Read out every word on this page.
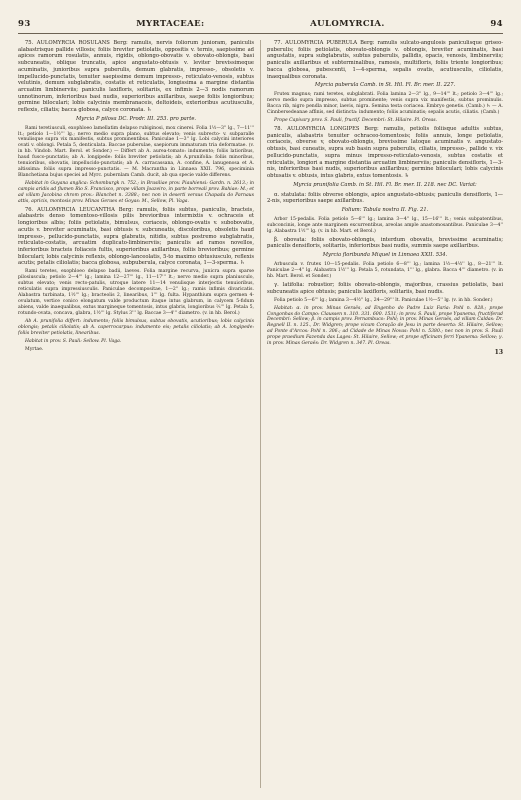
93	MYRTACEAE:	AULOMYRCIA.	94

75. AULOMYRCIA ROSULANS Berg: ramulis, nervis foliorum junioram, paniculis alabastrisque pallide villosis; foliis breviter petiolatis, oppositis v. ternis, saepissime ad apices ramorum rosulatis, annuis, rigidis, oblongo-obovatis v. obovato-oblongis, basi subcuneatis, oblique truncatis, apice angustato-obtusis v. leviter brevissimeque acuminatis, junioribus supra puberulis, demum glabratis, impresso-, obsoletis v. impellucido-punctatis, tenuiter saepissime demum impresso-, reticulato-venosis, subtus velutinis, demum subglabratis, costatis et reticulatis, longissima a margine distantia arcuatim limbinerviis; paniculis laxifloris, solitariis, ex infimis 2—3 nodis ramorum unnotinorum, inferioribus basi nudis, superioribus axillaribus, saepe foliis longioribus; germine biloculari; lobis calycinis membranaceis, deltoideis, exterioribus acutiusculis, reflexis, ciliatis; bacca globosa, calyce coronata. ♄

Myrcia P pilosa DC. Prodr. III. 253. pro parte.

Rami teretiusculi, exophloeo lamellatim delapso rubiginosi, mox cinerei. Folia 1½—3'' lg., 7—11''' lt.; petiolo 1—1½''' lg.; nervo medio supra plano, subtus elevato; venis subrecto- v. subparalle venulisque supra vix manifestis, subtus prominentibus. Paniculae 1—3'' lg. Lobi calycini interiores ovati v. oblongi. Petala 5, denticulata. Baccae puberulae, saepiorum immaturam tria deformatae. (v. in hb. Vindob. Mart. Berol. et Sonder.) — Differt ab A. aurea-tomato: indumento; foliis latioribus, haud fusco-punctatis; ab A. longipede: foliis breviter petiolatis; ab A.prunifolia: foliis minoribus, tenuioribus, obovatis, impellucido-punctatis; ab A. carracassana, A. confine, A. lanugenosa et A. altissima: foliis supra impresso-punctatis. — M. Macrantha in Linnaea XXII. 796, speciminia Blanchetiana bujus speciei ad Myrc. pubernlam Camb. ducit, ab qua specie valde differens.

Habitat in Guyana anglica: Schomburgk n. 752.; in Brasiliae prov. Piauhiensi: Gardn. n. 2613.; in campis aridis ad flumen Rio S. Francisco, prope villam Joazeiro, in parte borreali prov. Bahiae: M.; et ad villam Jacobina chrom prov.: Blanchet n. 3388.; nec non in deserti versus Chapada do Parnaus attis, apricis, montosis prov. Minas Geraes et Goyas: M., Sellow, Pl. Vaga.

76. AULOMYRCIA LEUCANTHA Berg: ramulis, foliis subtus, paniculis, bracteis, alabastris denso tomentoso-villosis pilis brevioribus intermixtis v. ochraceis et longioribus albis; foliis petiolatis, bimulsus, coriaceis, oblongo-ovatis v. subobovatis, acutis v. breviter acuminatis, basi obtusis v. subcuneatis, discoloribus, obsoletis haud impresso-, pellucido-punctatis, supra glabratis, nitidis, subtus postremo subglabratis, reticulato-costatis, arcuatim duplicato-limbinerviis; paniculis ad ramos novellos, inferioribus bracteis foliaceis fultis, superioribus axillaribus, foliis brevioribus; germine biloculari; lobis calycinis reflexis, oblongo-lanceolatis, 5-to maximo obtusiusculo, reflexis acutis; petalis ciliolatis; bacca globosa, subpuberula, calyce coronata, 1—3-sperma. ♄

Rami teretes, exophloeo delapso badii, laeves. Folia margine recurva, junicra supra sparse pilosiuscula; petiolo 2—4''' lg.; lamina 12—27''' lg., 11—17''' lt.; nervo medio supra planiusculo, subtus elevato; venis recto-patulis, utroque latere 11—14 venulisque interjectis tenuioribus, reticulatis supra impressiusculis. Paniculae decompositae, 1—2'' lg.; ramis infimis divaricatis. Alabastra turbinata, 1½''' lg.; bracteolis 2, linearibus, 1''' lg. fulta. Hypanthium supra germen 4-ovulatum, vertice conico elongatum valde productum itaque intus glabrum, in calycem 5-fidum abiens, valde inaequalibus, extus margineque tomentosis, intus glabris, longioribus ⅔''' lg. Petala 5, rotundo-ovata, concava, glabra, 1½''' lg. Stylus 3''' lg. Baccae 3—4''' diametro. (v. in hb. Berol.)

Ab A. prunifolia differt: indumento; foliis bimulsus, subtus obovatis, acutioribus; lobis calycinis oblongis; petalis ciliolatis; ab A. caperrocarpus: indumento eis; petalis ciliolatis; ab A. longipede: foliis breviter petiolatis, linearibus.

Habitat in prov. S. Pauli: Sellow. Pl. Vaga.

Myrtae.

77. AULOMYRCIA PUBERULA Berg: ramulis sulcato-angulosis paniculisque griseo-puberulis; foliis petiolatis, obovato-oblongis v. oblongis, breviter acuminatis, basi angustatis, supra subglabratis, subtus puberulis, pallidis, opacis, venosis, limbinerviis; paniculis axillaribus et subterminalibus, ramosis, multifloris, foliis triente longioribus; bacca globosa, pubescenti, 1—4-sperma, sepalis ovatis, acutiusculis, ciliolatis, inaequalibus coronata.

Myrcia puberula Camb. in St. Hil. Fl. Br. mer. II. 227.

Frutex magnus; rami teretes, subglabrati. Folia lamina 2—3'' lg., 9—14''' lt.; petiolo 3—4''' lg.; nervo medio supra impresso, subtus prominente; venis supra vix manifestis, subtus prominulis. Bacca rib, nigro pendla minor, laevis, nigra. Semina testa coriacea. Embryo genetis. (Camb.) ♄ — A. Cinnbersedeanae affinis, sed distincta: indumento; foliis acuminatis; sepalis acutis, ciliatis. (Camb.)

Prope Capivary prov. S. Pauli, fructif. Decembri: St. Hilaire. Pl. Oreas.

78. AULOMYRCIA LONGIPES Berg: ramulis, petiolis foliisque adultis subtus, paniculis, alabastris tenuiter ochraceo-tomentosis; foliis annuis, longe petiolatis, coriaceis, obverse v, obovato-oblongis, brevissime latoque acuminatis v. angustato-obtusis, basi cuneatis, supra sub basin supra puberulis, ciliatis, impresso-, pallide v. vix pellucido-punctatis, supra minus impresso-reticulato-venosis, subtus costatis et reticulatis, longiori a margine distantia arcuatim limbinerviis; paniculis densifloris, 1—3-nis, inferioribus basi nudis, superioribus axillaribus; germine biloculari; lobis calycinis obtusatis v. obtusis, intus glabris, extus tomentosis. ♄

Myrcia prunifolia Camb. in St. Hil. Fl. Br. mer. II. 218. nec DC. Variat:

α. statulata: foliis obverse oblongis, apice angustato-obtusis; paniculis densifloris, 1—2-nis, superioribus saepe axillaribus.

Folium: Tabula nostra II. Fig. 21.

Arbor 15-pedalis. Folia petiolo 5—6''' lg.; lamina 3—4'' lg., 15—16''' lt.; venis subpatentibus, subconcinis, longe ante marginem excurrentibus, areolas ample anastomosantibus. Paniculae 3—4'' lg. Alabastra 1½''' lg. (v. in hb. Mart. et Berol.)

β. obovata: foliis obovato-oblongis, interdum obovatis, brevissime acuminatis; paniculis densifloris, solitariis, inferioribus basi nudis, summis saepe axillaribus.

Myrcia floribunda Miquel in Linnaea XXII. 534.

Arbuscula v. frutex 10—15-pedalis. Folia petiolo 6—8''' lg.; lamina 1½—4½'' lg., 8—21''' lt. Paniculae 2—4'' lg. Alabastra 1½''' lg. Petala 5, rotundata, 1''' lg., glabra. Bacca 4''' diametro. (v. in hb. Mart. Berol. et Sonder.)

γ. latifolia: robustior; foliis obovato-oblongis, majoribus, crassius petiolatis, basi subcuneatis apice obtusis; paniculis laxifloris, solitariis, basi nudis.

Folia petiolo 5—6''' lg.; lamina 3—4½'' lg., 24—29''' lt. Paniculae 1½—5'' lg. (v. in hb. Sonder.)

Habitat: α. in prov. Minas Geraës, ad Engenho do Padre Luiz Faria: Pohl n. 828.; prope Congonhas do Campo: Claussen n. 310. 331. 600. 1531; in prov. S. Pauli, prope Ypanema, fructiferad Decembri: Sellow; β. in campis prov. Pernambuco: Pohl; in prov. Minas Geraës, ad villam Caldas: Dr. Regnell II. n. 125., Dr. Widgren; prope vicum Coração de Jesu in parte deserta: St. Hilaire, Sellow; ad Ponte d'Arcos: Pohl n. 306.; ad Cidade de Minas Novas: Pohl n. 5380.; nec non in prov. S. Pauli prope praedium Fazenda das Lages: St. Hilaire, Sellow; et prope officinam ferri Ypanema: Sellow; γ. in prov. Minas Geraës: Dr. Widgren n. 347. Pl. Oreas.

13
